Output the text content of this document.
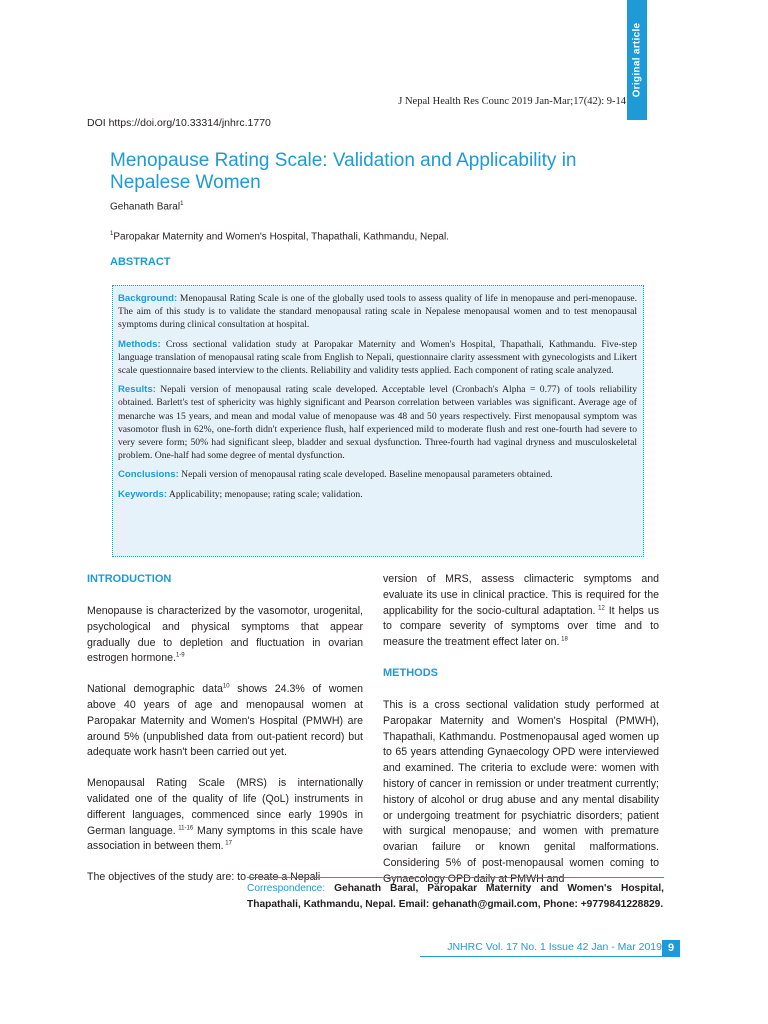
Original article
J Nepal Health Res Counc 2019 Jan-Mar;17(42): 9-14
DOI https://doi.org/10.33314/jnhrc.1770
Menopause Rating Scale: Validation and Applicability in Nepalese Women
Gehanath Baral$^1$
$^1$Paropakar Maternity and Women's Hospital, Thapathali, Kathmandu, Nepal.
ABSTRACT

Background: Menopausal Rating Scale is one of the globally used tools to assess quality of life in menopause and peri-menopause. The aim of this study is to validate the standard menopausal rating scale in Nepalese menopausal women and to test menopausal symptoms during clinical consultation at hospital.

Methods: Cross sectional validation study at Paropakar Maternity and Women's Hospital, Thapathali, Kathmandu. Five-step language translation of menopausal rating scale from English to Nepali, questionnaire clarity assessment with gynecologists and Likert scale questionnaire based interview to the clients. Reliability and validity tests applied. Each component of rating scale analyzed.

Results: Nepali version of menopausal rating scale developed. Acceptable level (Cronbach's Alpha = 0.77) of tools reliability obtained. Barlett's test of sphericity was highly significant and Pearson correlation between variables was significant. Average age of menarche was 15 years, and mean and modal value of menopause was 48 and 50 years respectively. First menopausal symptom was vasomotor flush in 62%, one-forth didn't experience flush, half experienced mild to moderate flush and rest one-fourth had severe to very severe form; 50% had significant sleep, bladder and sexual dysfunction. Three-fourth had vaginal dryness and musculoskeletal problem. One-half had some degree of mental dysfunction.

Conclusions: Nepali version of menopausal rating scale developed. Baseline menopausal parameters obtained.

Keywords: Applicability; menopause; rating scale; validation.

INTRODUCTION

Menopause is characterized by the vasomotor, urogenital, psychological and physical symptoms that appear gradually due to depletion and fluctuation in ovarian estrogen hormone.$^{1-9}$

National demographic data$^{10}$ shows 24.3% of women above 40 years of age and menopausal women at Paropakar Maternity and Women's Hospital (PMWH) are around 5% (unpublished data from out-patient record) but adequate work hasn't been carried out yet.

Menopausal Rating Scale (MRS) is internationally validated one of the quality of life (QoL) instruments in different languages, commenced since early 1990s in German language. $^{11-16}$ Many symptoms in this scale have association in between them. $^{17}$

The objectives of the study are: to create a Nepali

version of MRS, assess climacteric symptoms and evaluate its use in clinical practice. This is required for the applicability for the socio-cultural adaptation. $^{12}$ It helps us to compare severity of symptoms over time and to measure the treatment effect later on. $^{18}$

METHODS

This is a cross sectional validation study performed at Paropakar Maternity and Women's Hospital (PMWH), Thapathali, Kathmandu. Postmenopausal aged women up to 65 years attending Gynaecology OPD were interviewed and examined. The criteria to exclude were: women with history of cancer in remission or under treatment currently; history of alcohol or drug abuse and any mental disability or undergoing treatment for psychiatric disorders; patient with surgical menopause; and women with premature ovarian failure or known genital malformations. Considering 5% of post-menopausal women coming to Gynaecology OPD daily at PMWH and

Correspondence: Gehanath Baral, Paropakar Maternity and Women's Hospital, Thapathali, Kathmandu, Nepal. Email: gehanath@gmail.com, Phone: +9779841228829.
JNHRC Vol. 17 No. 1 Issue 42 Jan - Mar 2019 9
